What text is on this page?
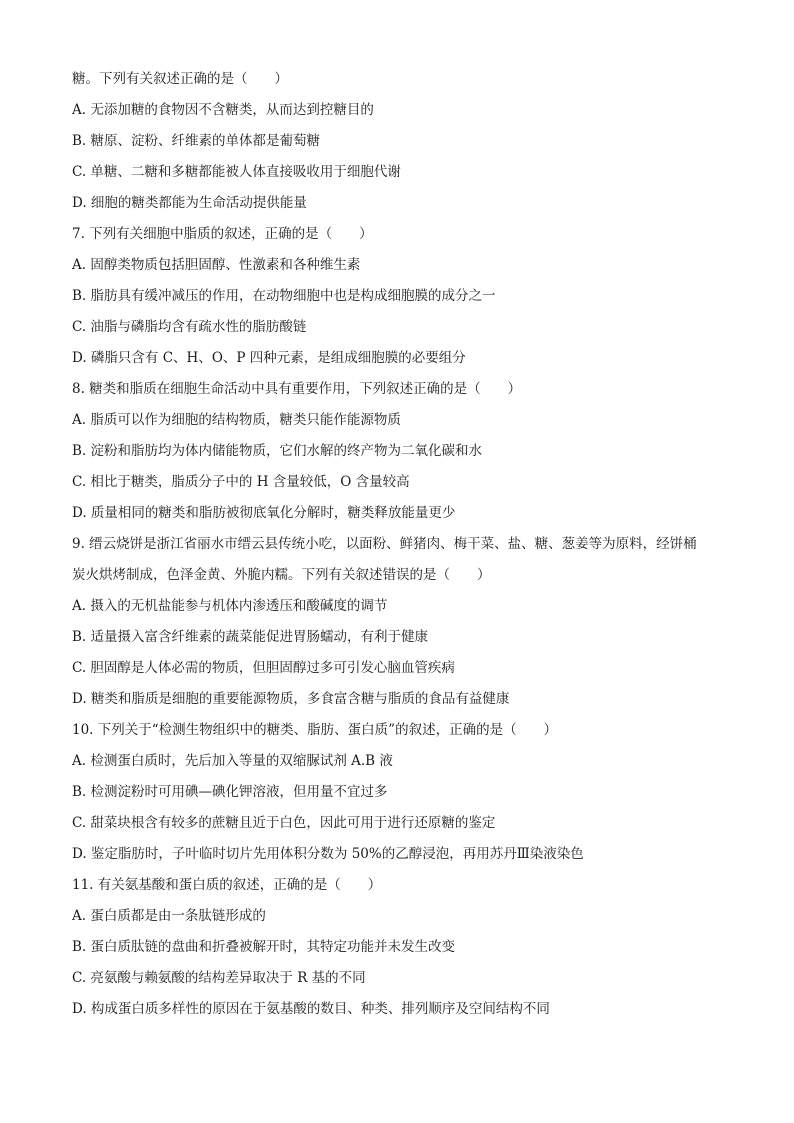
糖。下列有关叙述正确的是（　　）
A. 无添加糖的食物因不含糖类，从而达到控糖目的
B. 糖原、淀粉、纤维素的单体都是葡萄糖
C. 单糖、二糖和多糖都能被人体直接吸收用于细胞代谢
D. 细胞的糖类都能为生命活动提供能量
7. 下列有关细胞中脂质的叙述，正确的是（　　）
A. 固醇类物质包括胆固醇、性激素和各种维生素
B. 脂肪具有缓冲减压的作用，在动物细胞中也是构成细胞膜的成分之一
C. 油脂与磷脂均含有疏水性的脂肪酸链
D. 磷脂只含有 C、H、O、P 四种元素，是组成细胞膜的必要组分
8. 糖类和脂质在细胞生命活动中具有重要作用，下列叙述正确的是（　　）
A. 脂质可以作为细胞的结构物质，糖类只能作能源物质
B. 淀粉和脂肪均为体内储能物质，它们水解的终产物为二氧化碳和水
C. 相比于糖类，脂质分子中的 H 含量较低，O 含量较高
D. 质量相同的糖类和脂肪被彻底氧化分解时，糖类释放能量更少
9. 缙云烧饼是浙江省丽水市缙云县传统小吃，以面粉、鲜猪肉、梅干菜、盐、糖、葱姜等为原料，经饼桶
炭火烘烤制成，色泽金黄、外脆内糯。下列有关叙述错误的是（　　）
A. 摄入的无机盐能参与机体内渗透压和酸碱度的调节
B. 适量摄入富含纤维素的蔬菜能促进胃肠蠕动，有利于健康
C. 胆固醇是人体必需的物质，但胆固醇过多可引发心脑血管疾病
D. 糖类和脂质是细胞的重要能源物质，多食富含糖与脂质的食品有益健康
10. 下列关于“检测生物组织中的糖类、脂肪、蛋白质”的叙述，正确的是（　　）
A. 检测蛋白质时，先后加入等量的双缩脲试剂 A.B 液
B. 检测淀粉时可用碘—碘化钾溶液，但用量不宜过多
C. 甜菜块根含有较多的蔗糖且近于白色，因此可用于进行还原糖的鉴定
D. 鉴定脂肪时，子叶临时切片先用体积分数为 50%的乙醇浸泡，再用苏丹Ⅲ染液染色
11. 有关氨基酸和蛋白质的叙述，正确的是（　　）
A. 蛋白质都是由一条肽链形成的
B. 蛋白质肽链的盘曲和折叠被解开时，其特定功能并未发生改变
C. 亮氨酸与赖氨酸的结构差异取决于 R 基的不同
D. 构成蛋白质多样性的原因在于氨基酸的数目、种类、排列顺序及空间结构不同
